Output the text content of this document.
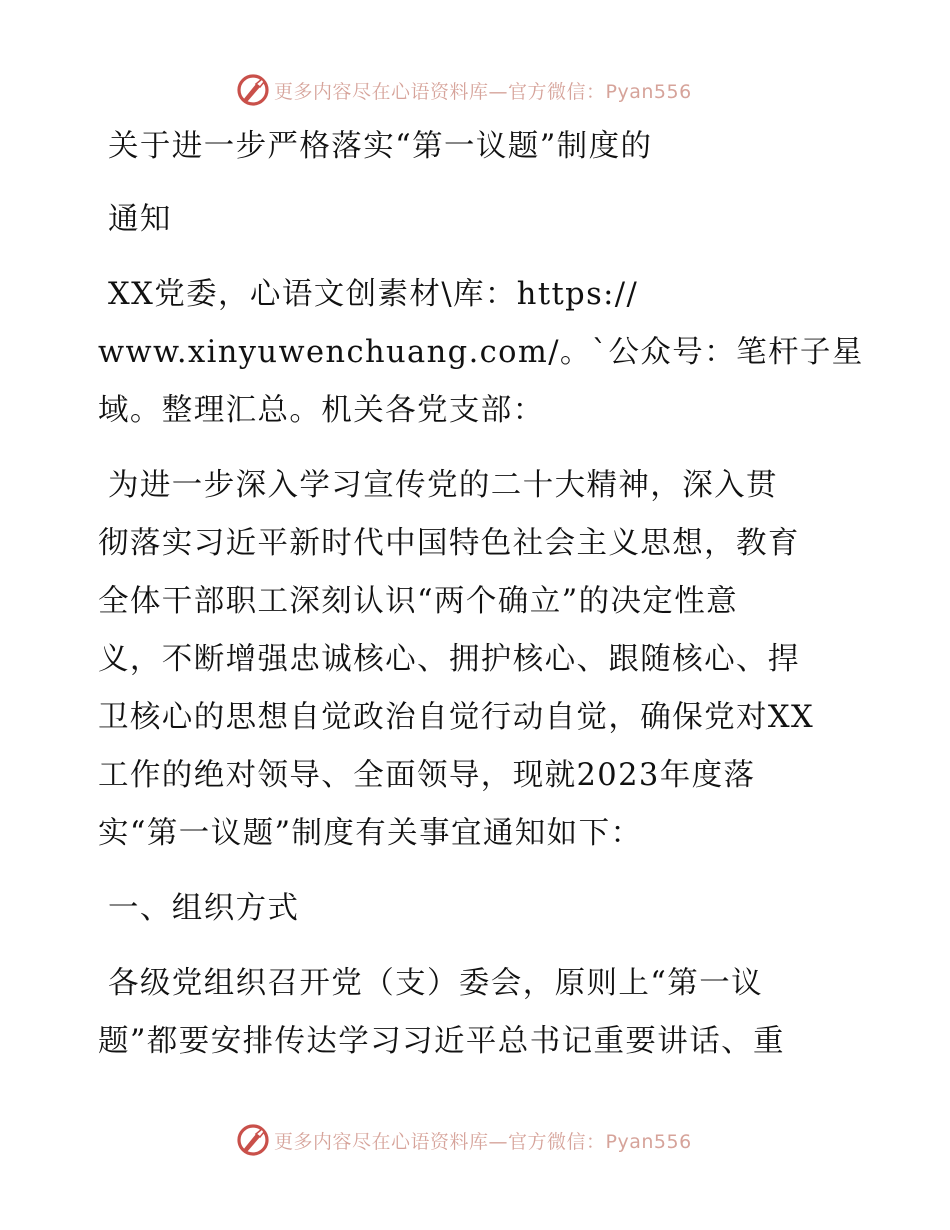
更多内容尽在心语资料库—官方微信：Pyan556
关于进一步严格落实“第一议题”制度的
通知
XX党委，心语文创素材\库：https://
www.xinyuwenchuang.com/。`公众号：笔杆子星
域。整理汇总。机关各党支部：
为进一步深入学习宣传党的二十大精神，深入贯
彻落实习近平新时代中国特色社会主义思想，教育
全体干部职工深刻认识“两个确立”的决定性意
义，不断增强忠诚核心、拥护核心、跟随核心、捍
卫核心的思想自觉政治自觉行动自觉，确保党对XX
工作的绝对领导、全面领导，现就2023年度落
实“第一议题”制度有关事宜通知如下：
一、组织方式
各级党组织召开党（支）委会，原则上“第一议
题”都要安排传达学习习近平总书记重要讲话、重
更多内容尽在心语资料库—官方微信：Pyan556
